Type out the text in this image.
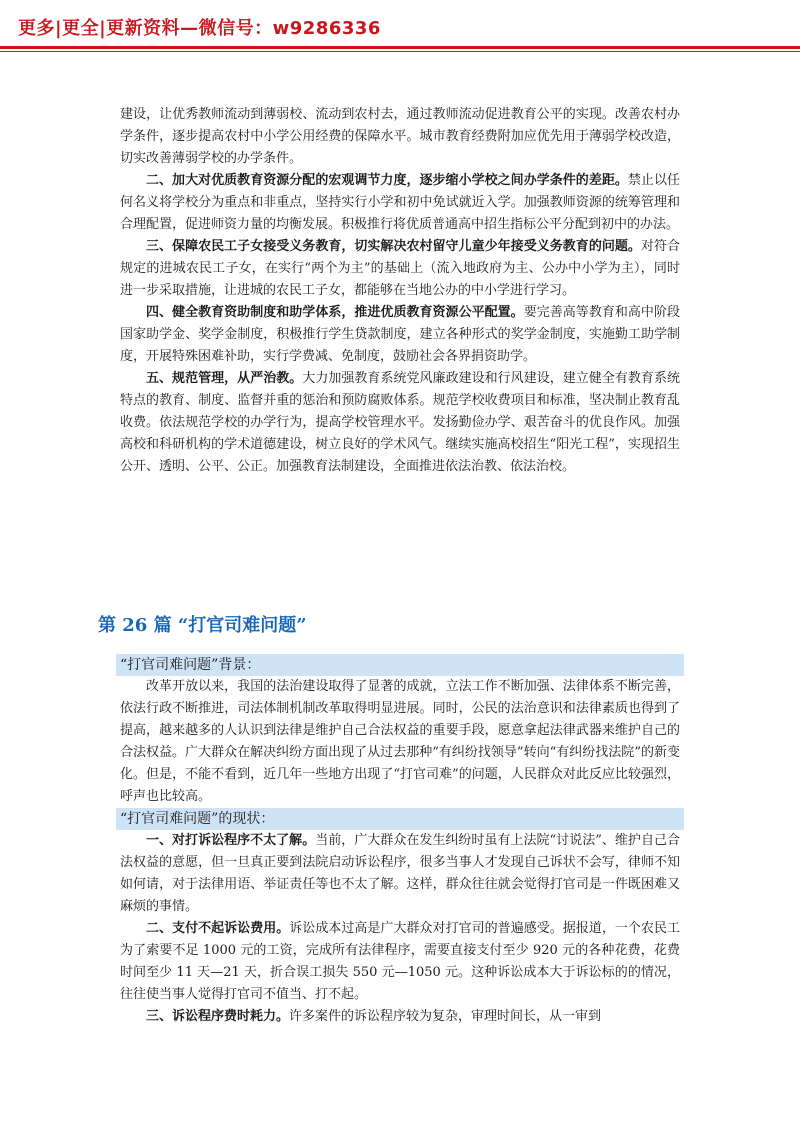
更多|更全|更新资料—微信号：w9286336

建设，让优秀教师流动到薄弱校、流动到农村去，通过教师流动促进教育公平的实现。改善农村办学条件，逐步提高农村中小学公用经费的保障水平。城市教育经费附加应优先用于薄弱学校改造，切实改善薄弱学校的办学条件。

二、加大对优质教育资源分配的宏观调节力度，逐步缩小学校之间办学条件的差距。禁止以任何名义将学校分为重点和非重点，坚持实行小学和初中免试就近入学。加强教师资源的统筹管理和合理配置，促进师资力量的均衡发展。积极推行将优质普通高中招生指标公平分配到初中的办法。

三、保障农民工子女接受义务教育，切实解决农村留守儿童少年接受义务教育的问题。对符合规定的进城农民工子女，在实行“两个为主”的基础上（流入地政府为主、公办中小学为主），同时进一步采取措施，让进城的农民工子女，都能够在当地公办的中小学进行学习。

四、健全教育资助制度和助学体系，推进优质教育资源公平配置。要完善高等教育和高中阶段国家助学金、奖学金制度，积极推行学生贷款制度，建立各种形式的奖学金制度，实施勤工助学制度，开展特殊困难补助，实行学费减、免制度，鼓励社会各界捐资助学。

五、规范管理，从严治教。大力加强教育系统党风廉政建设和行风建设，建立健全有教育系统特点的教育、制度、监督并重的惩治和预防腐败体系。规范学校收费项目和标准，坚决制止教育乱收费。依法规范学校的办学行为，提高学校管理水平。发扬勤俭办学、艰苦奋斗的优良作风。加强高校和科研机构的学术道德建设，树立良好的学术风气。继续实施高校招生“阳光工程”，实现招生公开、透明、公平、公正。加强教育法制建设，全面推进依法治教、依法治校。

第 26 篇 “打官司难问题”
“打官司难问题”背景：

改革开放以来，我国的法治建设取得了显著的成就，立法工作不断加强、法律体系不断完善，依法行政不断推进，司法体制机制改革取得明显进展。同时，公民的法治意识和法律素质也得到了提高，越来越多的人认识到法律是维护自己合法权益的重要手段，愿意拿起法律武器来维护自己的合法权益。广大群众在解决纠纷方面出现了从过去那种“有纠纷找领导”转向“有纠纷找法院”的新变化。但是，不能不看到，近几年一些地方出现了“打官司难”的问题，人民群众对此反应比较强烈，呼声也比较高。

“打官司难问题”的现状：

一、对打诉讼程序不太了解。当前，广大群众在发生纠纷时虽有上法院“讨说法”、维护自己合法权益的意愿，但一旦真正要到法院启动诉讼程序，很多当事人才发现自己诉状不会写，律师不知如何请，对于法律用语、举证责任等也不太了解。这样，群众往往就会觉得打官司是一件既困难又麻烦的事情。

二、支付不起诉讼费用。诉讼成本过高是广大群众对打官司的普遍感受。据报道，一个农民工为了索要不足 1000 元的工资，完成所有法律程序，需要直接支付至少 920 元的各种花费，花费时间至少 11 天—21 天，折合误工损失 550 元—1050 元。这种诉讼成本大于诉讼标的的情况，往往使当事人觉得打官司不值当、打不起。

三、诉讼程序费时耗力。许多案件的诉讼程序较为复杂，审理时间长，从一审到
